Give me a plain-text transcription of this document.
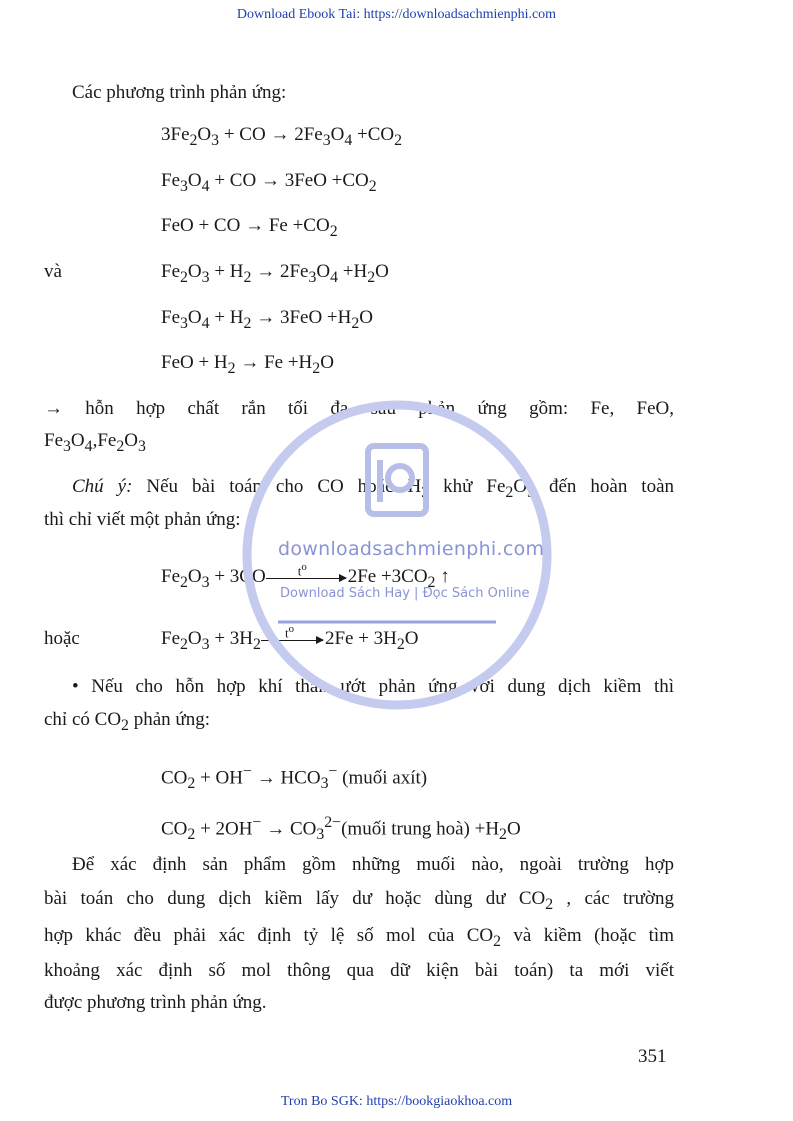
Download Ebook Tai: https://downloadsachmienphi.com
Các phương trình phản ứng:
$3Fe_2O_3$ + CO → $2Fe_3O_4 +CO_2$
$Fe_3O_4$ + CO → $3FeO +CO_2$
FeO + CO → $Fe +CO_2$
và	$Fe_2O_3 + H_2 \to 2Fe_3O_4 +H_2O$
$Fe_3O_4 + H_2 \to 3FeO +H_2O$
FeO + $H_2 \to Fe +H_2O$
→ hỗn hợp chất rắn tối đa sau phản ứng gồm: Fe, FeO,
$Fe_3O_4,Fe_2O_3$
Chú ý: Nếu bài toán cho CO hoặc $H_2$ khử $Fe_2O_3$ đến hoàn toàn
thì chỉ viết một phản ứng:
$Fe_2O_3 + 3CO$ $t^o$ $2Fe +3CO_2$ ↑
hoặc	$Fe_2O_3 + 3H_2$
$t^o$ $2Fe + 3H_2O$
• Nếu cho hỗn hợp khí than ướt phản ứng với dung dịch kiềm thì
chỉ có $CO_2$ phản ứng:
$CO_2 + OH^- \to HCO_3^-$ (muối axít)
$CO_2 + 2OH^-$ → $CO_3^{2-}(muối$ trung hoà) $+H_2O$
Để xác định sản phẩm gồm những muối nào, ngoài trường hợp
bài toán cho dung dịch kiềm lấy dư hoặc dùng dư $CO_2$ , các trường
hợp khác đều phải xác định tỷ lệ số mol của $CO_2$ và kiềm (hoặc tìm
khoảng xác định số mol thông qua dữ kiện bài toán) ta mới viết
được phương trình phản ứng.
351
Tron Bo SGK: https://bookgiaokhoa.com
downloadsachmienphi.com
Download Sách Hay | Đọc Sách Online
